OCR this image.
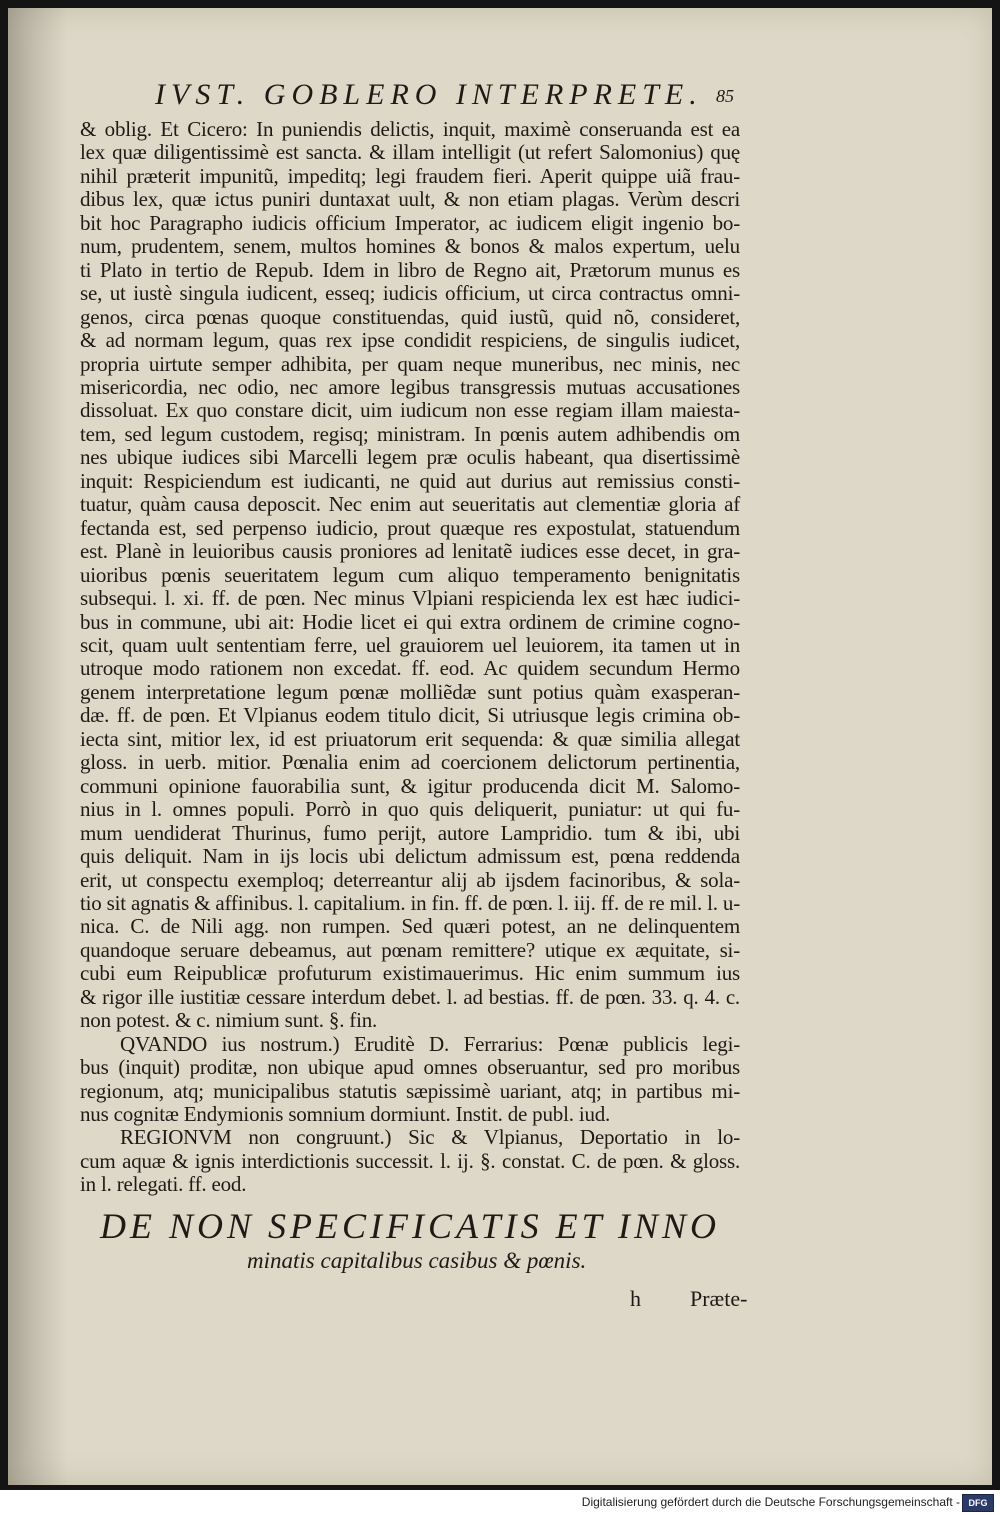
IVST. GOBLERO INTERPRETE. 85
& oblig. Et Cicero: In puniendis delictis, inquit, maximè conseruanda est ea
lex quæ diligentissimè est sancta. & illam intelligit (ut refert Salomonius) quę
nihil præterit impunitũ, impeditq; legi fraudem fieri. Aperit quippe uiã frau-
dibus lex, quæ ictus puniri duntaxat uult, & non etiam plagas. Verùm descri
bit hoc Paragrapho iudicis officium Imperator, ac iudicem eligit ingenio bo-
num, prudentem, senem, multos homines & bonos & malos expertum, uelu
ti Plato in tertio de Repub. Idem in libro de Regno ait, Prætorum munus es
se, ut iustè singula iudicent, esseq; iudicis officium, ut circa contractus omni-
genos, circa pœnas quoque constituendas, quid iustũ, quid nõ, consideret,
& ad normam legum, quas rex ipse condidit respiciens, de singulis iudicet,
propria uirtute semper adhibita, per quam neque muneribus, nec minis, nec
misericordia, nec odio, nec amore legibus transgressis mutuas accusationes
dissoluat. Ex quo constare dicit, uim iudicum non esse regiam illam maiesta-
tem, sed legum custodem, regisq; ministram. In pœnis autem adhibendis om
nes ubique iudices sibi Marcelli legem præ oculis habeant, qua disertissimè
inquit: Respiciendum est iudicanti, ne quid aut durius aut remissius consti-
tuatur, quàm causa deposcit. Nec enim aut seueritatis aut clementiæ gloria af
fectanda est, sed perpenso iudicio, prout quæque res expostulat, statuendum
est. Planè in leuioribus causis proniores ad lenitatẽ iudices esse decet, in gra-
uioribus pœnis seueritatem legum cum aliquo temperamento benignitatis
subsequi. l. xi. ff. de pœn. Nec minus Vlpiani respicienda lex est hæc iudici-
bus in commune, ubi ait: Hodie licet ei qui extra ordinem de crimine cogno-
scit, quam uult sententiam ferre, uel grauiorem uel leuiorem, ita tamen ut in
utroque modo rationem non excedat. ff. eod. Ac quidem secundum Hermo
genem interpretatione legum pœnæ molliẽdæ sunt potius quàm exasperan-
dæ. ff. de pœn. Et Vlpianus eodem titulo dicit, Si utriusque legis crimina ob-
iecta sint, mitior lex, id est priuatorum erit sequenda: & quæ similia allegat
gloss. in uerb. mitior. Pœnalia enim ad coercionem delictorum pertinentia,
communi opinione fauorabilia sunt, & igitur producenda dicit M. Salomo-
nius in l. omnes populi. Porrò in quo quis deliquerit, puniatur: ut qui fu-
mum uendiderat Thurinus, fumo perijt, autore Lampridio. tum & ibi, ubi
quis deliquit. Nam in ijs locis ubi delictum admissum est, pœna reddenda
erit, ut conspectu exemploq; deterreantur alij ab ijsdem facinoribus, & sola-
tio sit agnatis & affinibus. l. capitalium. in fin. ff. de pœn. l. iij. ff. de re mil. l. u-
nica. C. de Nili agg. non rumpen. Sed quæri potest, an ne delinquentem
quandoque seruare debeamus, aut pœnam remittere? utique ex æquitate, si-
cubi eum Reipublicæ profuturum existimauerimus. Hic enim summum ius
& rigor ille iustitiæ cessare interdum debet. l. ad bestias. ff. de pœn. 33. q. 4. c.
non potest. & c. nimium sunt. §. fin.
QVANDO ius nostrum.) Eruditè D. Ferrarius: Pœnæ publicis legi-
bus (inquit) proditæ, non ubique apud omnes obseruantur, sed pro moribus
regionum, atq; municipalibus statutis sæpissimè uariant, atq; in partibus mi-
nus cognitæ Endymionis somnium dormiunt. Instit. de publ. iud.
REGIONVM non congruunt.) Sic & Vlpianus, Deportatio in lo-
cum aquæ & ignis interdictionis successit. l. ij. §. constat. C. de pœn. & gloss.
in l. relegati. ff. eod.
DE NON SPECIFICATIS ET INNO
minatis capitalibus casibus & pœnis.
h Præte-
Digitalisierung gefördert durch die Deutsche Forschungsgemeinschaft - DFG
